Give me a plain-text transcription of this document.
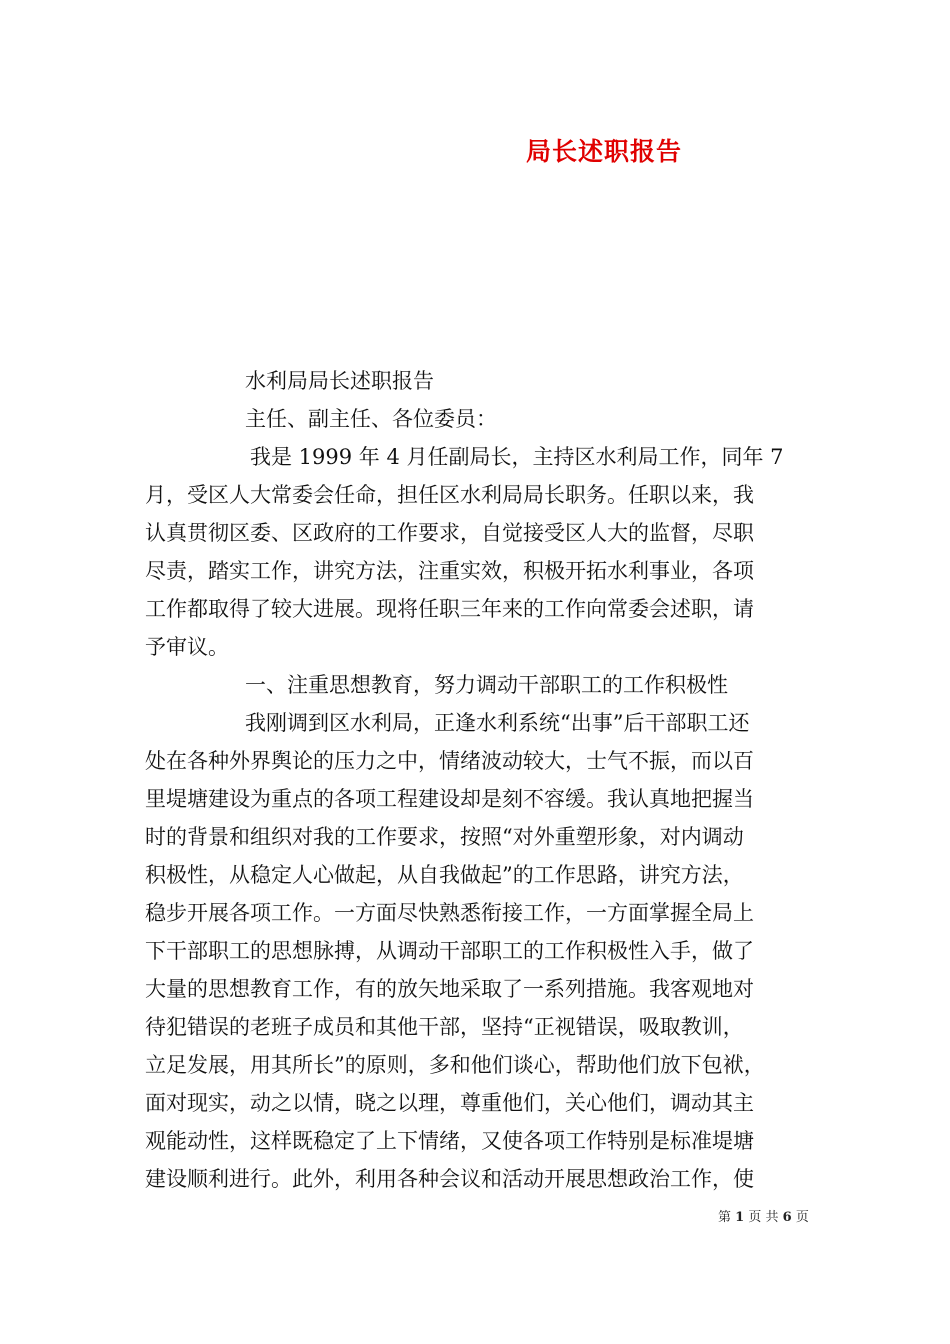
局长述职报告
水利局局长述职报告
主任、副主任、各位委员：
我是 1999 年 4 月任副局长，主持区水利局工作，同年 7
月，受区人大常委会任命，担任区水利局局长职务。任职以来，我
认真贯彻区委、区政府的工作要求，自觉接受区人大的监督，尽职
尽责，踏实工作，讲究方法，注重实效，积极开拓水利事业，各项
工作都取得了较大进展。现将任职三年来的工作向常委会述职，请
予审议。
一、注重思想教育，努力调动干部职工的工作积极性
我刚调到区水利局，正逢水利系统“出事”后干部职工还
处在各种外界舆论的压力之中，情绪波动较大，士气不振，而以百
里堤塘建设为重点的各项工程建设却是刻不容缓。我认真地把握当
时的背景和组织对我的工作要求，按照“对外重塑形象，对内调动
积极性，从稳定人心做起，从自我做起”的工作思路，讲究方法，
稳步开展各项工作。一方面尽快熟悉衔接工作，一方面掌握全局上
下干部职工的思想脉搏，从调动干部职工的工作积极性入手，做了
大量的思想教育工作，有的放矢地采取了一系列措施。我客观地对
待犯错误的老班子成员和其他干部，坚持“正视错误，吸取教训，
立足发展，用其所长”的原则，多和他们谈心，帮助他们放下包袱，
面对现实，动之以情，晓之以理，尊重他们，关心他们，调动其主
观能动性，这样既稳定了上下情绪，又使各项工作特别是标准堤塘
建设顺利进行。此外，利用各种会议和活动开展思想政治工作，使
第 1 页 共 6 页
